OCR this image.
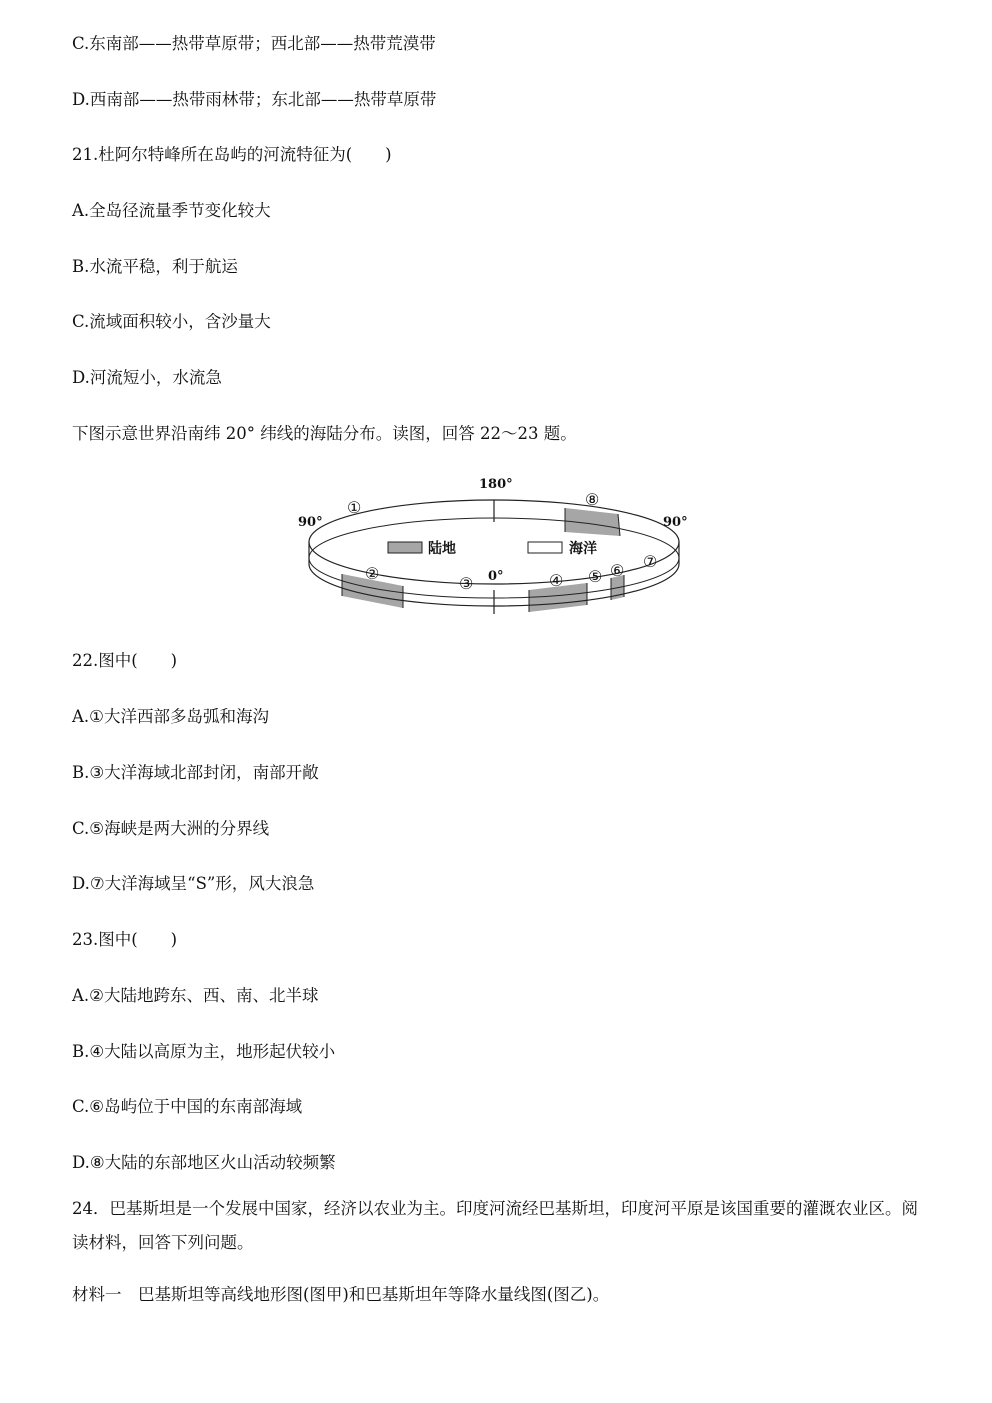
C.东南部——热带草原带；西北部——热带荒漠带
D.西南部——热带雨林带；东北部——热带草原带
21.杜阿尔特峰所在岛屿的河流特征为(　　)
A.全岛径流量季节变化较大
B.水流平稳，利于航运
C.流域面积较小，含沙量大
D.河流短小，水流急
下图示意世界沿南纬 20° 纬线的海陆分布。读图，回答 22～23 题。
180°
90°	90°
0°
陆地	海洋
①	⑧
②
③	④ ⑤ ⑥ ⑦
22.图中(　　)
A.①大洋西部多岛弧和海沟
B.③大洋海域北部封闭，南部开敞
C.⑤海峡是两大洲的分界线
D.⑦大洋海域呈“S”形，风大浪急
23.图中(　　)
A.②大陆地跨东、西、南、北半球
B.④大陆以高原为主，地形起伏较小
C.⑥岛屿位于中国的东南部海域
D.⑧大陆的东部地区火山活动较频繁
24．巴基斯坦是一个发展中国家，经济以农业为主。印度河流经巴基斯坦，印度河平原是该国重要的灌溉农业区。阅读材料，回答下列问题。
材料一　巴基斯坦等高线地形图(图甲)和巴基斯坦年等降水量线图(图乙)。
